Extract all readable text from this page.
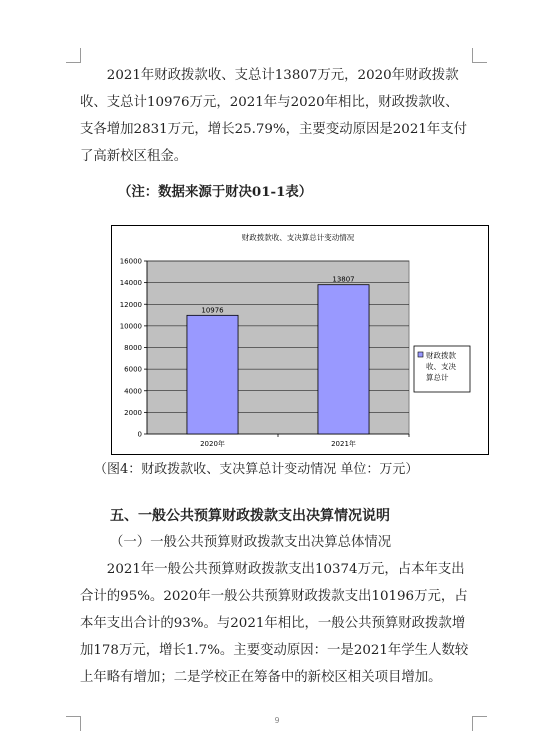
2021年财政拨款收、支总计13807万元，2020年财政拨款收、支总计10976万元，2021年与2020年相比，财政拨款收、支各增加2831万元，增长25.79%，主要变动原因是2021年支付了高新校区租金。

（注：数据来源于财决01-1表）

财政拨款收、支决算总计变动情况
0
2000
4000
6000
8000
10000
12000
14000
16000
10976
2020年
13807
2021年
财政拨款
收、支决
算总计

（图4：财政拨款收、支决算总计变动情况 单位：万元）

五、一般公共预算财政拨款支出决算情况说明

（一）一般公共预算财政拨款支出决算总体情况

2021年一般公共预算财政拨款支出10374万元，占本年支出合计的95%。2020年一般公共预算财政拨款支出10196万元，占本年支出合计的93%。与2021年相比，一般公共预算财政拨款增加178万元，增长1.7%。主要变动原因：一是2021年学生人数较上年略有增加；二是学校正在筹备中的新校区相关项目增加。

9
